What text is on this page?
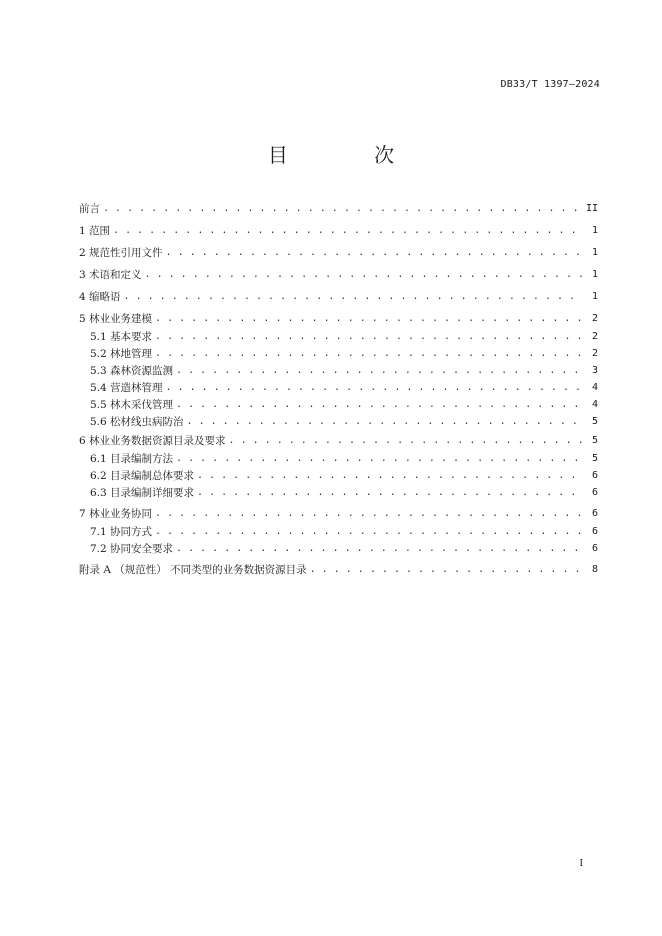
DB33/T 1397—2024
目 次
前言 . . .	II
1 范围 . . .	1
2 规范性引用文件 . . .	1
3 术语和定义 . . .	1
4 缩略语 . . .	1
5 林业业务建模 . . .	2
5.1 基本要求 . . .	2
5.2 林地管理 . . .	2
5.3 森林资源监测 . . .	3
5.4 营造林管理 . . .	4
5.5 林木采伐管理 . . .	4
5.6 松材线虫病防治 . . .	5
6 林业业务数据资源目录及要求 . . .	5
6.1 目录编制方法 . . .	5
6.2 目录编制总体要求 . . .	6
6.3 目录编制详细要求 . . .	6
7 林业业务协同 . . .	6
7.1 协同方式 . . .	6
7.2 协同安全要求 . . .	6
附录 A （规范性） 不同类型的业务数据资源目录 . . .	8
I
